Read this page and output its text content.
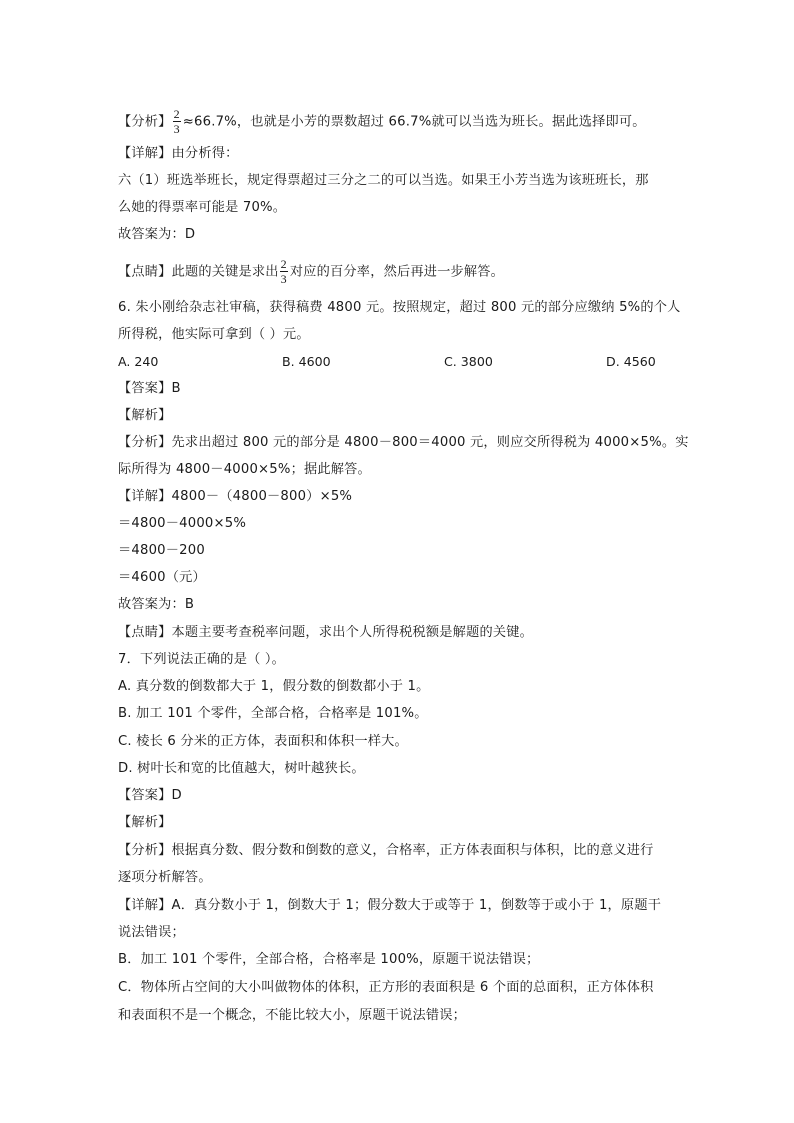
【分析】 $\frac{2}{3} \approx 66.7\%$，也就是小芳的票数超过 66.7%就可以当选为班长。据此选择即可。
【详解】由分析得：
六（1）班选举班长，规定得票超过三分之二的可以当选。如果王小芳当选为该班班长，那
么她的得票率可能是 70%。
故答案为：D
【点睛】此题的关键是求出 $\frac{2}{3}$ 对应的百分率，然后再进一步解答。
6. 朱小刚给杂志社审稿，获得稿费 4800 元。按照规定，超过 800 元的部分应缴纳 5%的个人
所得税，他实际可拿到（ ）元。
A. 240	B. 4600	C. 3800	D. 4560
【答案】B
【解析】
【分析】先求出超过 800 元的部分是 4800－800＝4000 元，则应交所得税为 4000×5%。实
际所得为 4800－4000×5%；据此解答。
【详解】4800－（4800－800）×5%
＝4800－4000×5%
＝4800－200
＝4600（元）
故答案为：B
【点睛】本题主要考查税率问题，求出个人所得税税额是解题的关键。
7．下列说法正确的是（ ）。
A. 真分数的倒数都大于 1，假分数的倒数都小于 1。
B. 加工 101 个零件，全部合格，合格率是 101%。
C. 棱长 6 分米的正方体，表面积和体积一样大。
D. 树叶长和宽的比值越大，树叶越狭长。
【答案】D
【解析】
【分析】根据真分数、假分数和倒数的意义，合格率，正方体表面积与体积，比的意义进行
逐项分析解答。
【详解】A．真分数小于 1，倒数大于 1；假分数大于或等于 1，倒数等于或小于 1，原题干
说法错误；
B．加工 101 个零件，全部合格，合格率是 100%，原题干说法错误；
C．物体所占空间的大小叫做物体的体积，正方形的表面积是 6 个面的总面积，正方体体积
和表面积不是一个概念，不能比较大小，原题干说法错误；
